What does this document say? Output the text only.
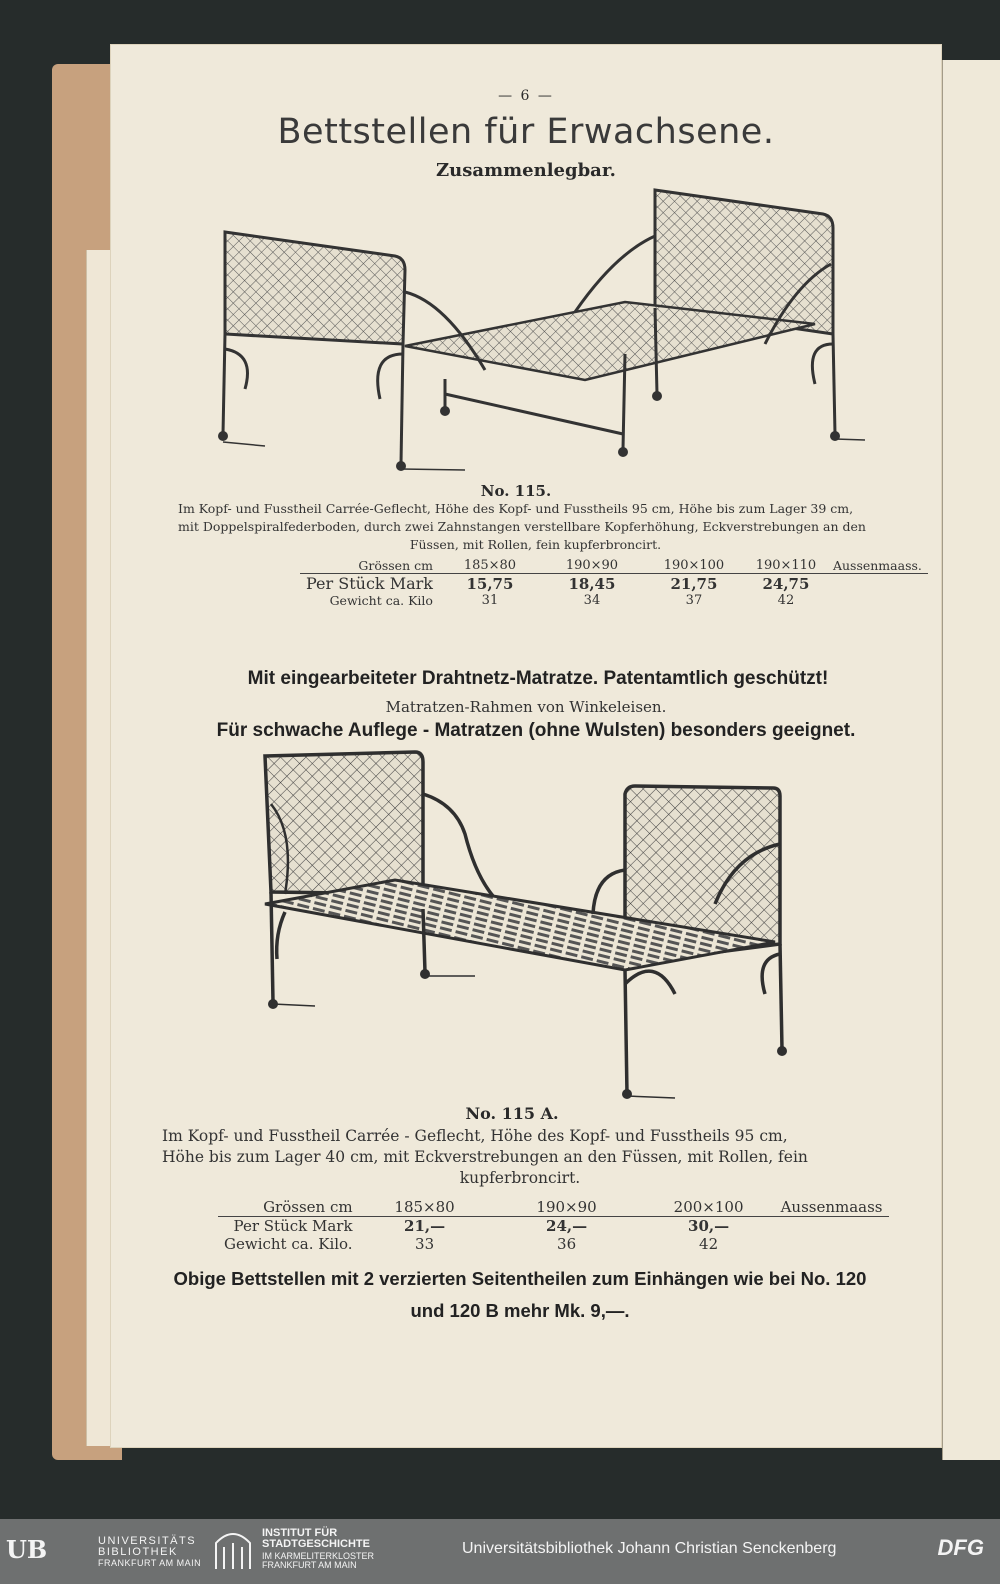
— 6 —
Bettstellen für Erwachsene.
Zusammenlegbar.
No. 115.
Im Kopf- und Fusstheil Carrée-Geflecht, Höhe des Kopf- und Fusstheils 95 cm, Höhe bis zum Lager 39 cm,
mit Doppelspiralfederboden, durch zwei Zahnstangen verstellbare Kopferhöhung, Eckverstrebungen an den

Füssen, mit Rollen, fein kupferbroncirt.
Grössen cm	185×80	190×90	190×100	190×110	Aussenmaass.
Per Stück Mark	15,75	18,45	21,75	24,75	
Gewicht ca. Kilo	31	34	37	42	
Mit eingearbeiteter Drahtnetz-Matratze. Patentamtlich geschützt!
Matratzen-Rahmen von Winkeleisen.
Für schwache Auflege - Matratzen (ohne Wulsten) besonders geeignet.
No. 115 A.
Im Kopf- und Fusstheil Carrée - Geflecht, Höhe des Kopf- und Fusstheils 95 cm,
Höhe bis zum Lager 40 cm, mit Eckverstrebungen an den Füssen, mit Rollen, fein

kupferbroncirt.
Grössen cm	185×80	190×90	200×100	Aussenmaass
Per Stück Mark	21,—	24,—	30,—	
Gewicht ca. Kilo.	33	36	42	
Obige Bettstellen mit 2 verzierten Seitentheilen zum Einhängen wie bei No. 120
und 120 B mehr Mk. 9,—.
UB	UNIVERSITÄTS
BIBLIOTHEK
FRANKFURT AM MAIN
INSTITUT FÜR
STADTGESCHICHTE
IM KARMELITERKLOSTER
FRANKFURT AM MAIN
Universitätsbibliothek Johann Christian Senckenberg	DFG
